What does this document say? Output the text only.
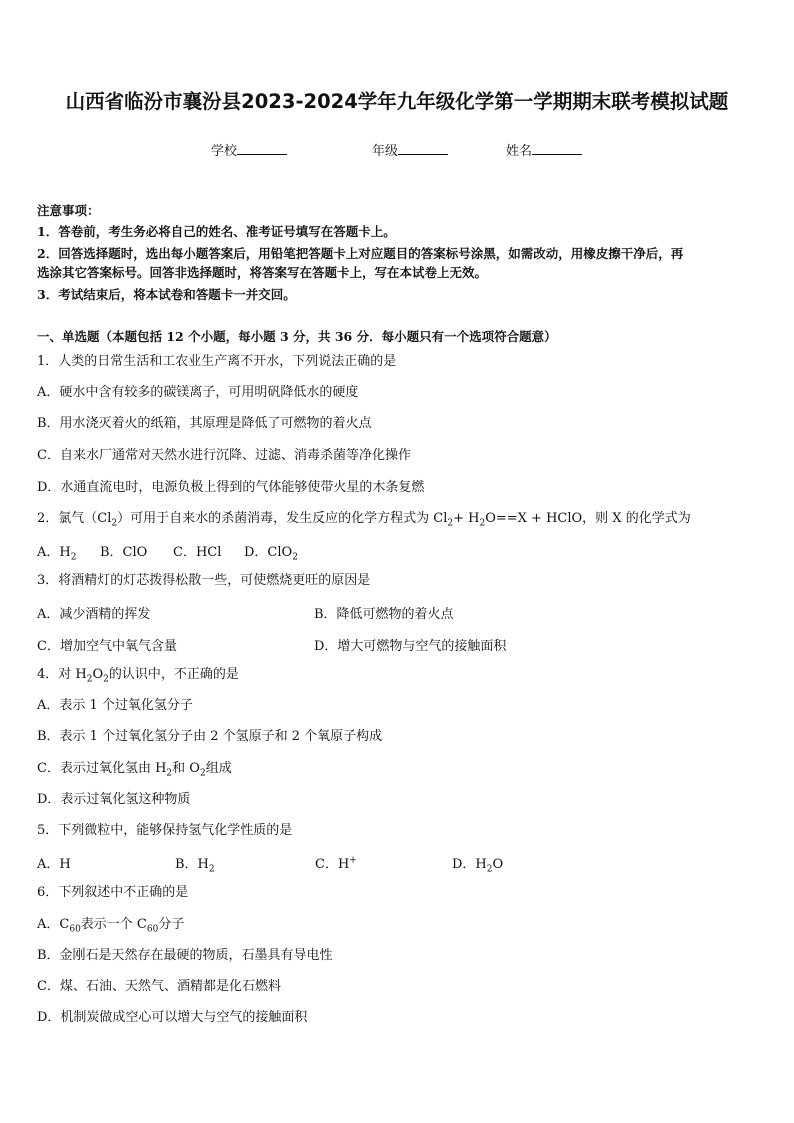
山西省临汾市襄汾县2023-2024学年九年级化学第一学期期末联考模拟试题
学校	年级	姓名
注意事项：
1．答卷前，考生务必将自己的姓名、准考证号填写在答题卡上。
2．回答选择题时，选出每小题答案后，用铅笔把答题卡上对应题目的答案标号涂黑，如需改动，用橡皮擦干净后，再
选涂其它答案标号。回答非选择题时，将答案写在答题卡上，写在本试卷上无效。
3．考试结束后，将本试卷和答题卡一并交回。
一、单选题（本题包括 12 个小题，每小题 3 分，共 36 分．每小题只有一个选项符合题意）
1．人类的日常生活和工农业生产离不开水，下列说法正确的是
A．硬水中含有较多的碳镁离子，可用明矾降低水的硬度
B．用水浇灭着火的纸箱，其原理是降低了可燃物的着火点
C．自来水厂通常对天然水进行沉降、过滤、消毒杀菌等净化操作
D．水通直流电时，电源负极上得到的气体能够使带火星的木条复燃
2．氯气$(Cl_2)$可用于自来水的杀菌消毒，发生反应的化学方程式为 $Cl_2+ H_2O==X$ + HClO，则 X 的化学式为
A．$H_2$ B．ClO C．HCl D．ClO$_2$
3．将酒精灯的灯芯拨得松散一些，可使燃烧更旺的原因是
A．减少酒精的挥发	B．降低可燃物的着火点
C．增加空气中氧气含量	D．增大可燃物与空气的接触面积
4．对 $H_2O_2$的认识中，不正确的是
A．表示 1 个过氧化氢分子
B．表示 1 个过氧化氢分子由 2 个氢原子和 2 个氧原子构成
C．表示过氧化氢由 $H_2$和 $O_2$组成
D．表示过氧化氢这种物质
5．下列微粒中，能够保持氢气化学性质的是
A．H	B．$H_2$	C．H+	D．$H_2O$
6．下列叙述中不正确的是
A．$C_{60}$表示一个 $C_{60}$分子
B．金刚石是天然存在最硬的物质，石墨具有导电性
C．煤、石油、天然气、酒精都是化石燃料
D．机制炭做成空心可以增大与空气的接触面积
